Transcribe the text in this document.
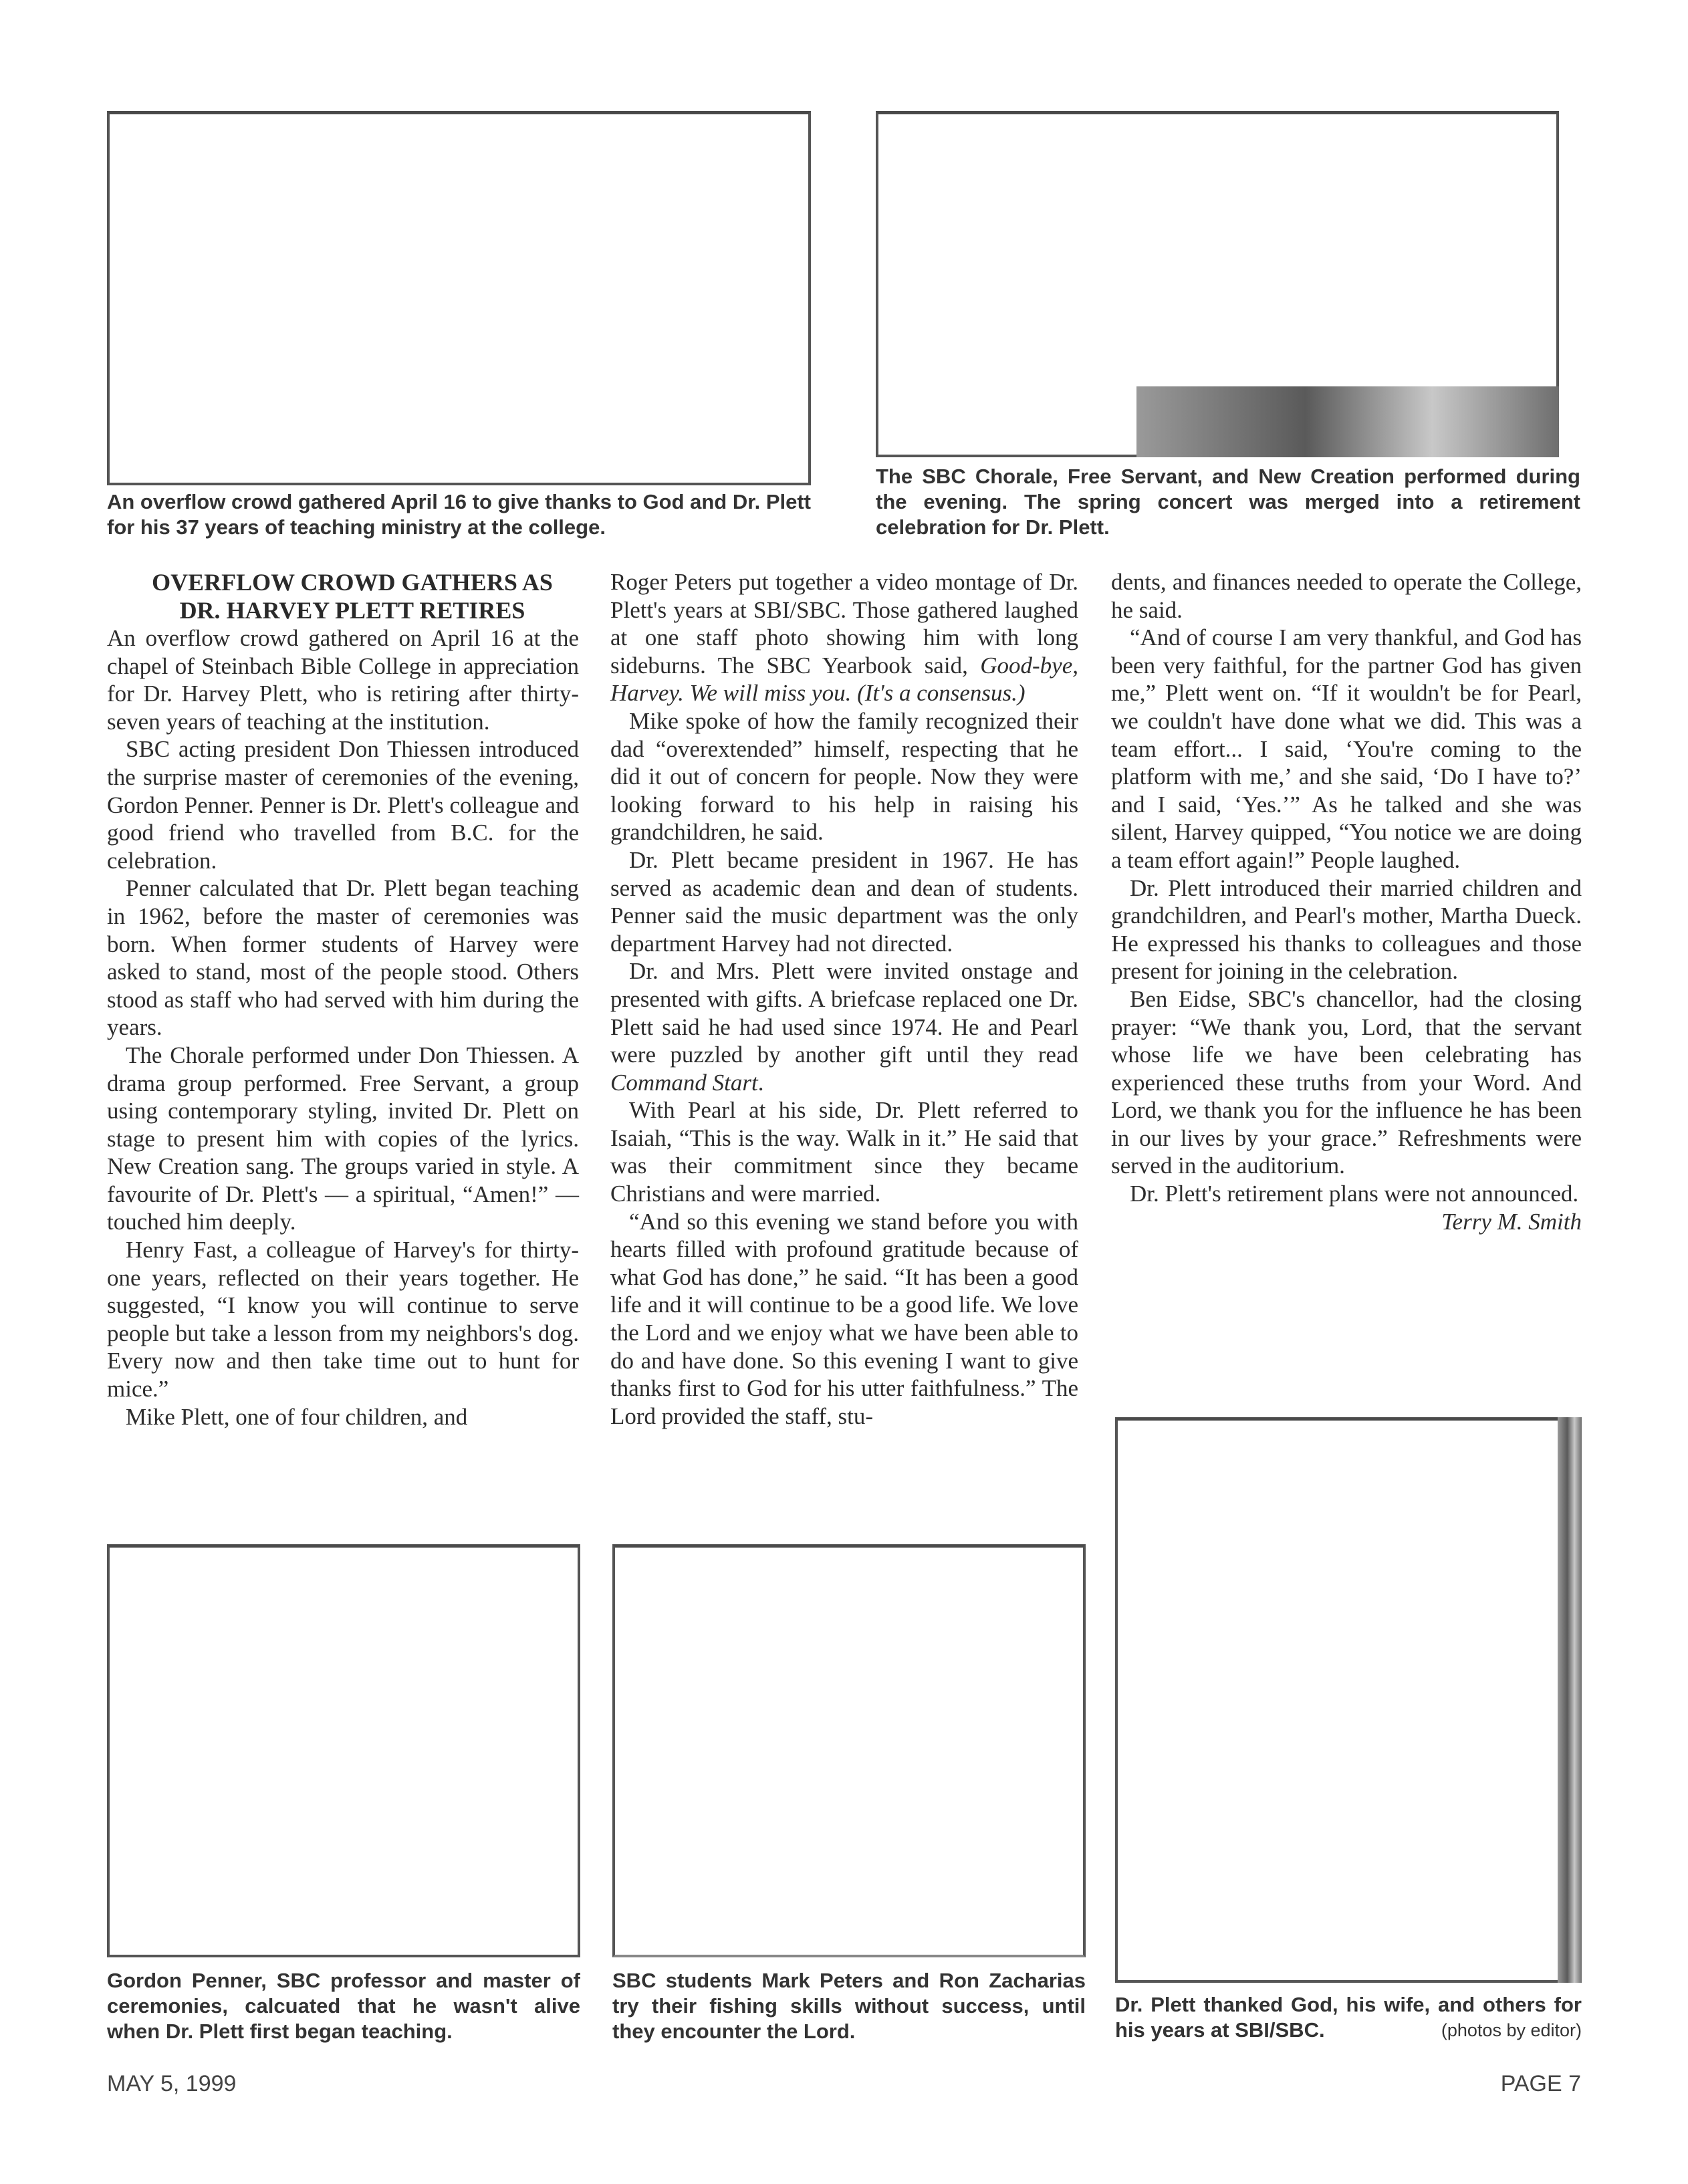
An overflow crowd gathered April 16 to give thanks to God and Dr. Plett for his 37 years of teaching ministry at the college.
The SBC Chorale, Free Servant, and New Creation performed during the evening. The spring concert was merged into a retirement celebration for Dr. Plett.
Gordon Penner, SBC professor and master of ceremonies, calcuated that he wasn't alive when Dr. Plett first began teaching.
SBC students Mark Peters and Ron Zacharias try their fishing skills without success, until they encounter the Lord.
Dr. Plett thanked God, his wife, and others for his years at SBI/SBC.	(photos by editor)

OVERFLOW CROWD GATHERS AS

DR. HARVEY PLETT RETIRES

An overflow crowd gathered on April 16 at the chapel of Steinbach Bible College in appreciation for Dr. Harvey Plett, who is retiring after thirty-seven years of teaching at the institution.

SBC acting president Don Thiessen introduced the surprise master of ceremonies of the evening, Gordon Penner. Penner is Dr. Plett's colleague and good friend who travelled from B.C. for the celebration.

Penner calculated that Dr. Plett began teaching in 1962, before the master of ceremonies was born. When former students of Harvey were asked to stand, most of the people stood. Others stood as staff who had served with him during the years.

The Chorale performed under Don Thiessen. A drama group performed. Free Servant, a group using contemporary styling, invited Dr. Plett on stage to present him with copies of the lyrics. New Creation sang. The groups varied in style. A favourite of Dr. Plett's — a spiritual, “Amen!” — touched him deeply.

Henry Fast, a colleague of Harvey's for thirty-one years, reflected on their years together. He suggested, “I know you will continue to serve people but take a lesson from my neighbors's dog. Every now and then take time out to hunt for mice.”

Mike Plett, one of four children, and

Roger Peters put together a video montage of Dr. Plett's years at SBI/SBC. Those gathered laughed at one staff photo showing him with long sideburns. The SBC Yearbook said, Good-bye, Harvey. We will miss you. (It's a consensus.)

Mike spoke of how the family recognized their dad “overextended” himself, respecting that he did it out of concern for people. Now they were looking forward to his help in raising his grandchildren, he said.

Dr. Plett became president in 1967. He has served as academic dean and dean of students. Penner said the music department was the only department Harvey had not directed.

Dr. and Mrs. Plett were invited onstage and presented with gifts. A briefcase replaced one Dr. Plett said he had used since 1974. He and Pearl were puzzled by another gift until they read Command Start.

With Pearl at his side, Dr. Plett referred to Isaiah, “This is the way. Walk in it.” He said that was their commitment since they became Christians and were married.

“And so this evening we stand before you with hearts filled with profound gratitude because of what God has done,” he said. “It has been a good life and it will continue to be a good life. We love the Lord and we enjoy what we have been able to do and have done. So this evening I want to give thanks first to God for his utter faithfulness.” The Lord provided the staff, stu-

dents, and finances needed to operate the College, he said.

“And of course I am very thankful, and God has been very faithful, for the partner God has given me,” Plett went on. “If it wouldn't be for Pearl, we couldn't have done what we did. This was a team effort... I said, ‘You're coming to the platform with me,’ and she said, ‘Do I have to?’ and I said, ‘Yes.’” As he talked and she was silent, Harvey quipped, “You notice we are doing a team effort again!” People laughed.

Dr. Plett introduced their married children and grandchildren, and Pearl's mother, Martha Dueck. He expressed his thanks to colleagues and those present for joining in the celebration.

Ben Eidse, SBC's chancellor, had the closing prayer: “We thank you, Lord, that the servant whose life we have been celebrating has experienced these truths from your Word. And Lord, we thank you for the influence he has been in our lives by your grace.” Refreshments were served in the auditorium.

Dr. Plett's retirement plans were not announced.

Terry M. Smith

MAY 5, 1999	PAGE 7
